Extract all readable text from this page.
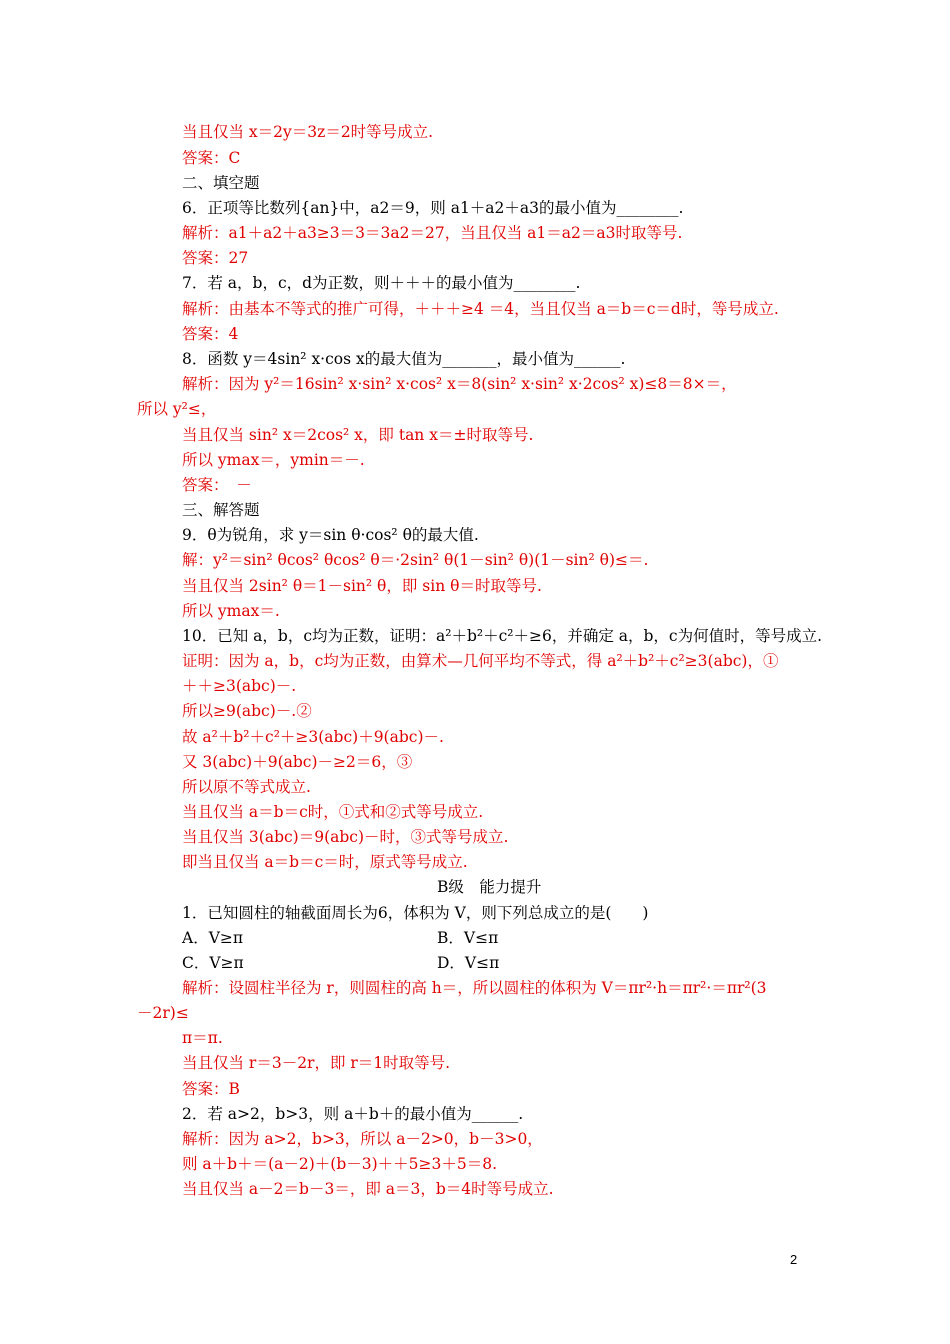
当且仅当 x＝2y＝3z＝2时等号成立.
答案：C
二、填空题
6．正项等比数列{an}中，a2＝9，则 a1＋a2＋a3的最小值为________.
解析：a1＋a2＋a3≥3＝3＝3a2＝27，当且仅当 a1＝a2＝a3时取等号.
答案：27
7．若 a，b，c，d为正数，则＋＋＋的最小值为________.
解析：由基本不等式的推广可得，＋＋＋≥4 ＝4，当且仅当 a＝b＝c＝d时，等号成立.
答案：4
8．函数 y＝4sin² x·cos x的最大值为_______，最小值为______.
解析：因为 y²＝16sin² x·sin² x·cos² x＝8(sin² x·sin² x·2cos² x)≤8＝8×＝，
所以 y²≤，
当且仅当 sin² x＝2cos² x，即 tan x＝±时取等号.
所以 ymax＝，ymin＝－.
答案：　－
三、解答题
9．θ为锐角，求 y＝sin θ·cos² θ的最大值.
解：y²＝sin² θcos² θcos² θ＝·2sin² θ(1－sin² θ)(1－sin² θ)≤＝.
当且仅当 2sin² θ＝1－sin² θ，即 sin θ＝时取等号.
所以 ymax＝.
10．已知 a，b，c均为正数，证明：a²＋b²＋c²＋≥6，并确定 a，b，c为何值时，等号成立.
证明：因为 a，b，c均为正数，由算术—几何平均不等式，得 a²＋b²＋c²≥3(abc)，①
＋＋≥3(abc)－.
所以≥9(abc)－.②
故 a²＋b²＋c²＋≥3(abc)＋9(abc)－.
又 3(abc)＋9(abc)－≥2＝6，③
所以原不等式成立.
当且仅当 a＝b＝c时，①式和②式等号成立.
当且仅当 3(abc)＝9(abc)－时，③式等号成立.
即当且仅当 a＝b＝c＝时，原式等号成立.
B级　能力提升
1．已知圆柱的轴截面周长为6，体积为 V，则下列总成立的是(　　)
A．V≥π	B．V≤π
C．V≥π	D．V≤π
解析：设圆柱半径为 r，则圆柱的高 h＝，所以圆柱的体积为 V＝πr²·h＝πr²·＝πr²(3
－2r)≤
π＝π.
当且仅当 r＝3－2r，即 r＝1时取等号.
答案：B
2．若 a>2，b>3，则 a＋b＋的最小值为______.
解析：因为 a>2，b>3，所以 a－2>0，b－3>0，
则 a＋b＋＝(a－2)＋(b－3)＋＋5≥3＋5＝8.
当且仅当 a－2＝b－3＝，即 a＝3，b＝4时等号成立.
2
